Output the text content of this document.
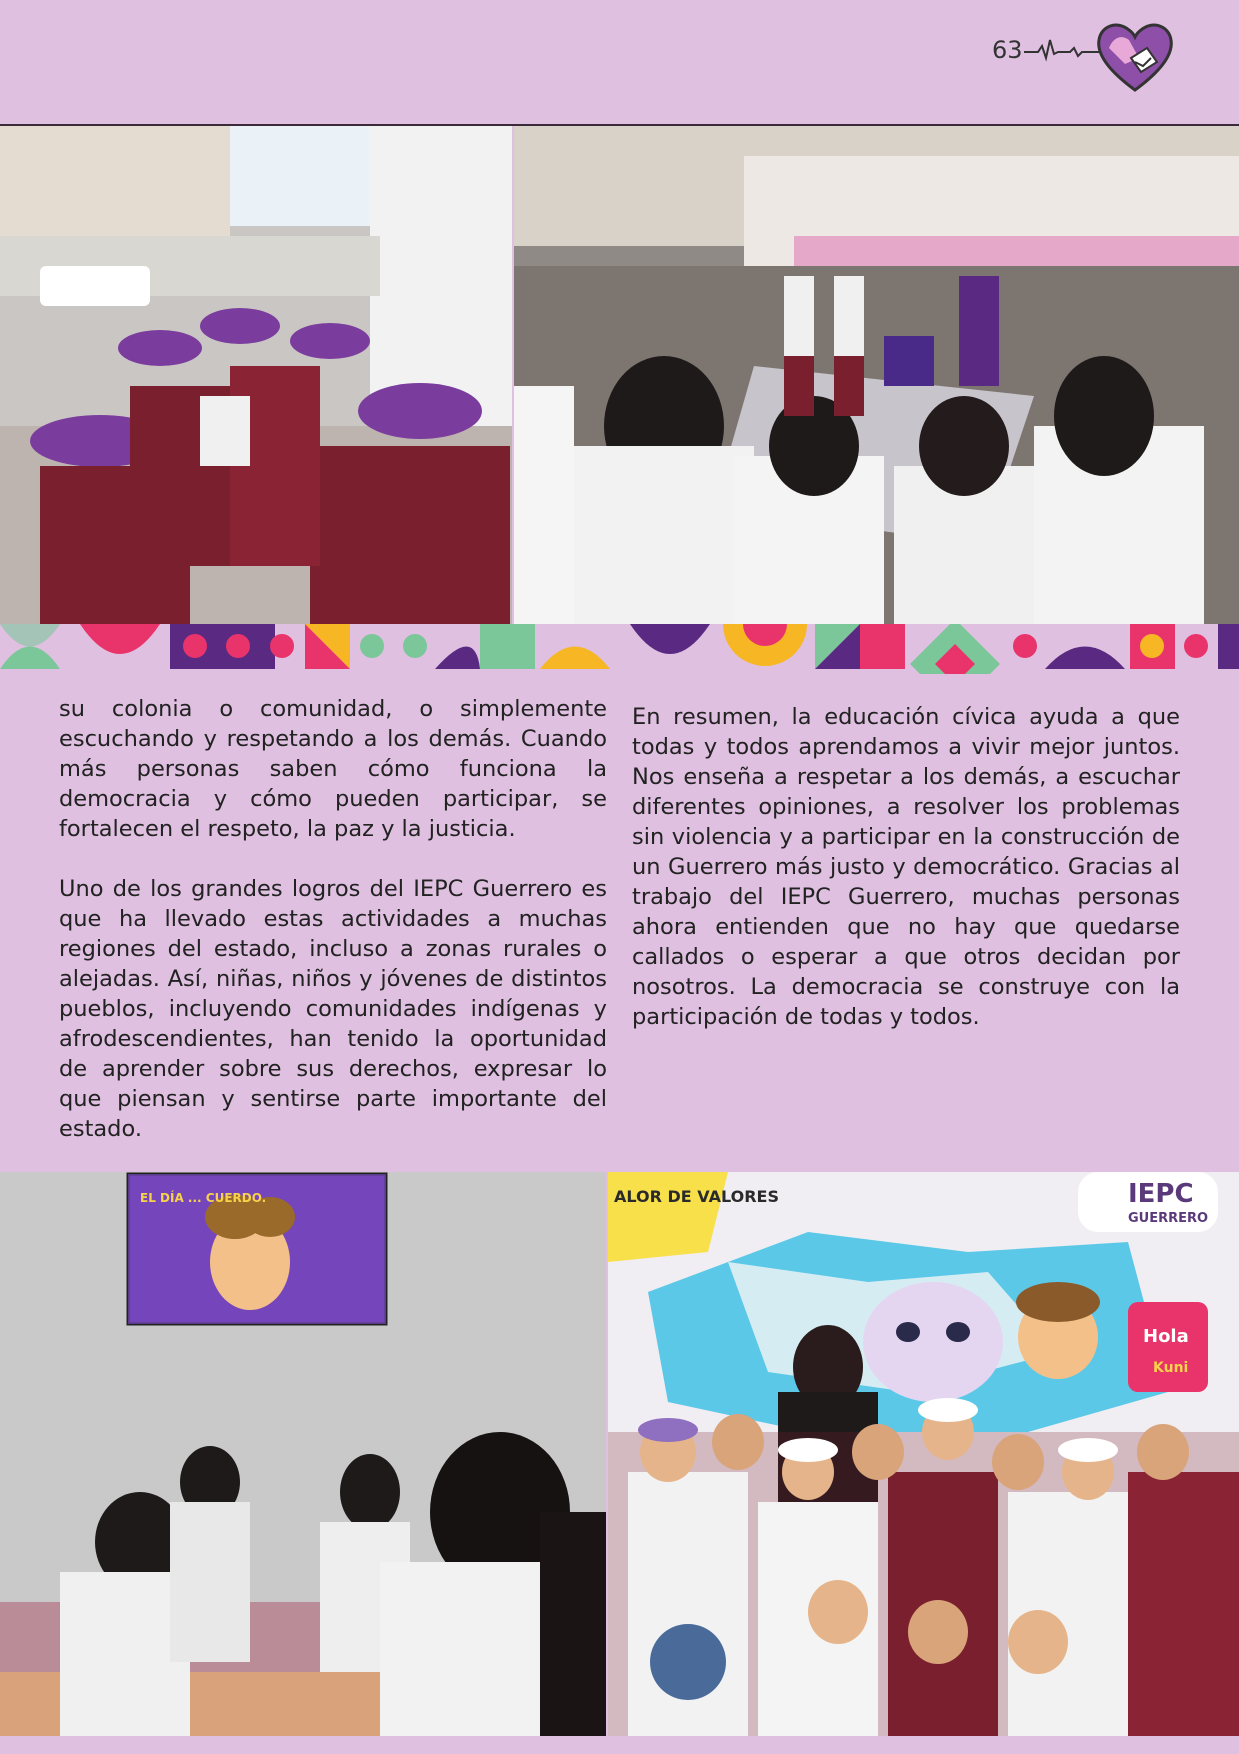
63

su colonia o comunidad, o simplemente escuchando y respetando a los demás. Cuando más personas saben cómo funciona la democracia y cómo pueden participar, se fortalecen el respeto, la paz y la justicia.

Uno de los grandes logros del IEPC Guerrero es que ha llevado estas actividades a muchas regiones del estado, incluso a zonas rurales o alejadas. Así, niñas, niños y jóvenes de distintos pueblos, incluyendo comunidades indígenas y afrodescendientes, han tenido la oportunidad de aprender sobre sus derechos, expresar lo que piensan y sentirse parte importante del estado.

En resumen, la educación cívica ayuda a que todas y todos aprendamos a vivir mejor juntos. Nos enseña a respetar a los demás, a escuchar diferentes opiniones, a resolver los problemas sin violencia y a participar en la construcción de un Guerrero más justo y democrático. Gracias al trabajo del IEPC Guerrero, muchas personas ahora entienden que no hay que quedarse callados o esperar a que otros decidan por nosotros. La democracia se construye con la participación de todas y todos.

EL DÍA ... CUERDO.	ALOR DE VALORES	IEPC
GUERRERO
Hola
Kuni
